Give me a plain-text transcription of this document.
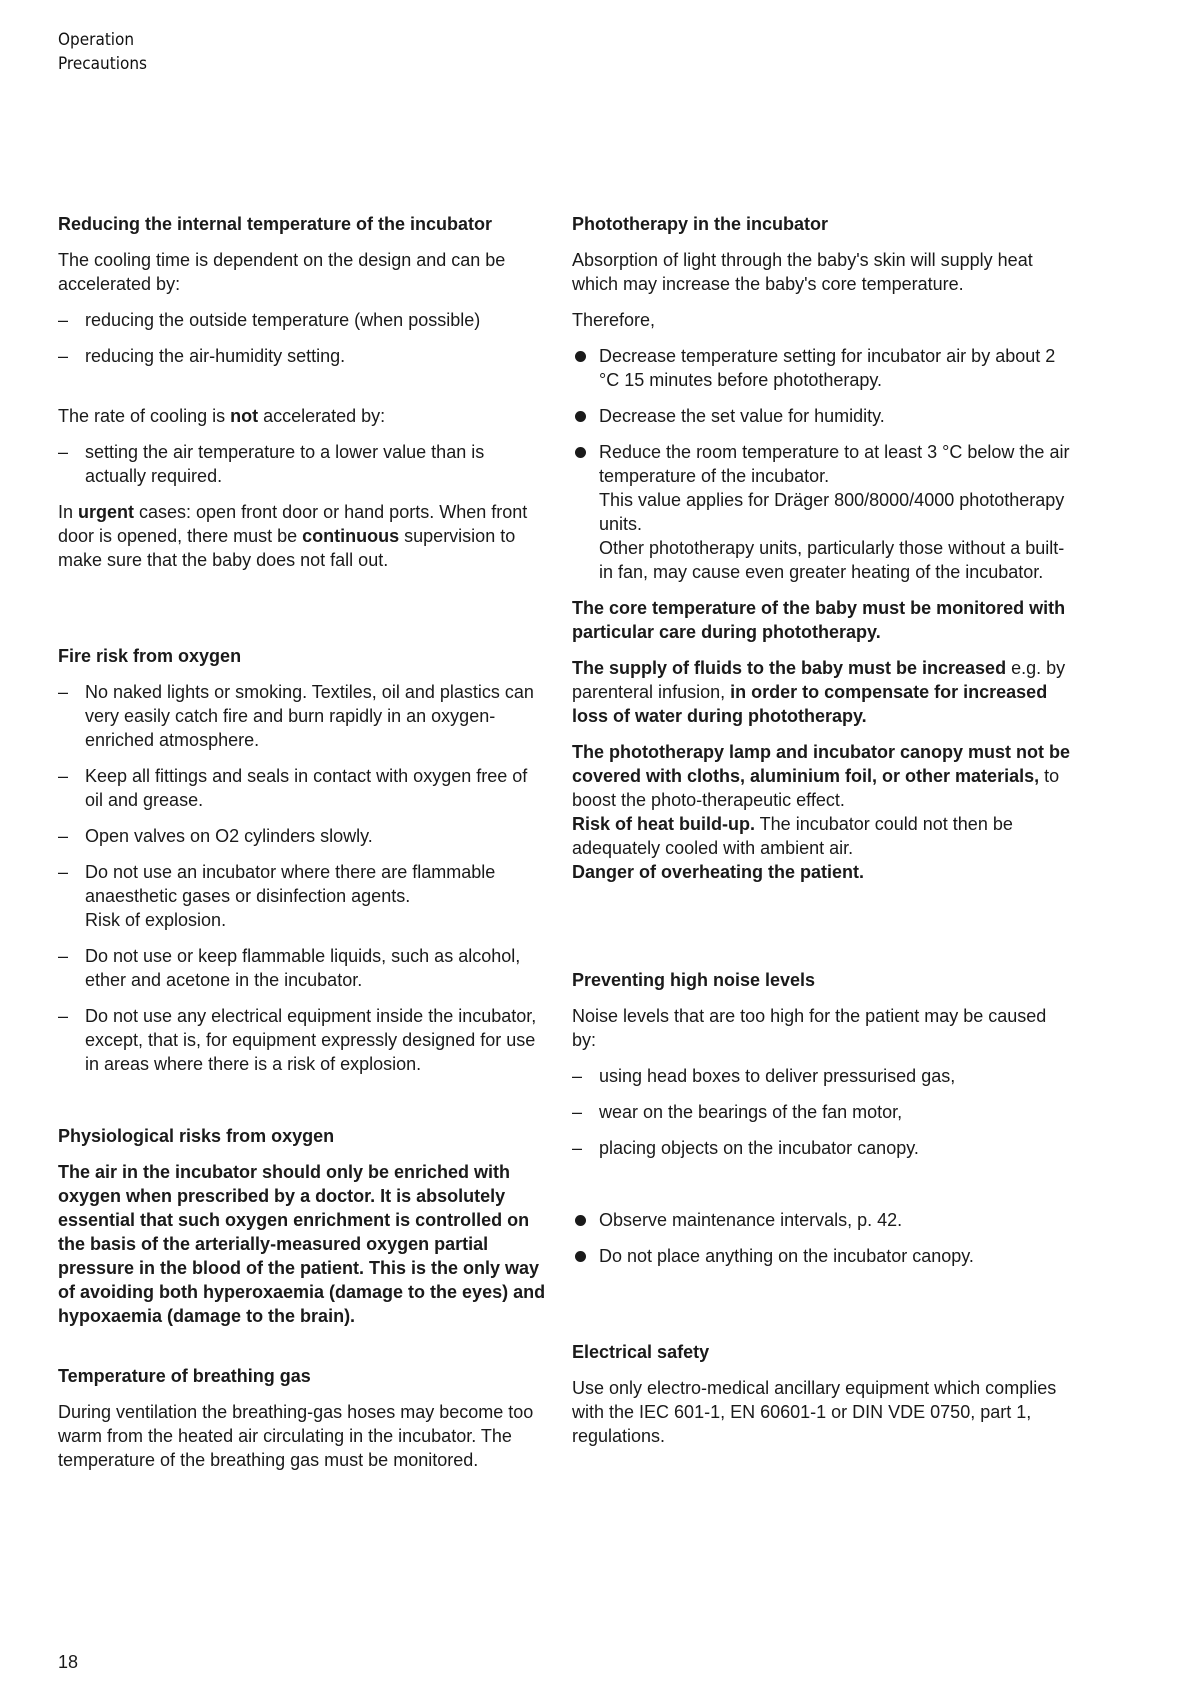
Operation
Precautions
Reducing the internal temperature of the incubator

The cooling time is dependent on the design and can be accelerated by:

– reducing the outside temperature (when possible)
– reducing the air-humidity setting.

The rate of cooling is not accelerated by:

– setting the air temperature to a lower value than is actually required.

In urgent cases: open front door or hand ports. When front door is opened, there must be continuous supervision to make sure that the baby does not fall out.

Fire risk from oxygen
– No naked lights or smoking. Textiles, oil and plastics can very easily catch fire and burn rapidly in an oxygen-enriched atmosphere.
– Keep all fittings and seals in contact with oxygen free of oil and grease.
– Open valves on O2 cylinders slowly.
– Do not use an incubator where there are flammable anaesthetic gases or disinfection agents.
Risk of explosion.
– Do not use or keep flammable liquids, such as alcohol, ether and acetone in the incubator.
– Do not use any electrical equipment inside the incubator, except, that is, for equipment expressly designed for use in areas where there is a risk of explosion.
Physiological risks from oxygen

The air in the incubator should only be enriched with oxygen when prescribed by a doctor. It is absolutely essential that such oxygen enrichment is controlled on the basis of the arterially-measured oxygen partial pressure in the blood of the patient. This is the only way of avoiding both hyperoxaemia (damage to the eyes) and hypoxaemia (damage to the brain).

Temperature of breathing gas

During ventilation the breathing-gas hoses may become too warm from the heated air circulating in the incubator. The temperature of the breathing gas must be monitored.

Phototherapy in the incubator

Absorption of light through the baby's skin will supply heat which may increase the baby's core temperature.

Therefore,

Decrease temperature setting for incubator air by about 2 °C 15 minutes before phototherapy.
Decrease the set value for humidity.
Reduce the room temperature to at least 3 °C below the air temperature of the incubator.
This value applies for Dräger 800/8000/4000 phototherapy units.
Other phototherapy units, particularly those without a built-in fan, may cause even greater heating of the incubator.

The core temperature of the baby must be monitored with particular care during phototherapy.

The supply of fluids to the baby must be increased e.g. by parenteral infusion, in order to compensate for increased loss of water during phototherapy.

The phototherapy lamp and incubator canopy must not be covered with cloths, aluminium foil, or other materials, to boost the photo-therapeutic effect.
Risk of heat build-up. The incubator could not then be adequately cooled with ambient air.
Danger of overheating the patient.

Preventing high noise levels

Noise levels that are too high for the patient may be caused by:

– using head boxes to deliver pressurised gas,
– wear on the bearings of the fan motor,
– placing objects on the incubator canopy.
Observe maintenance intervals, p. 42.
Do not place anything on the incubator canopy.
Electrical safety

Use only electro-medical ancillary equipment which complies with the IEC 601-1, EN 60601-1 or DIN VDE 0750, part 1, regulations.

18
